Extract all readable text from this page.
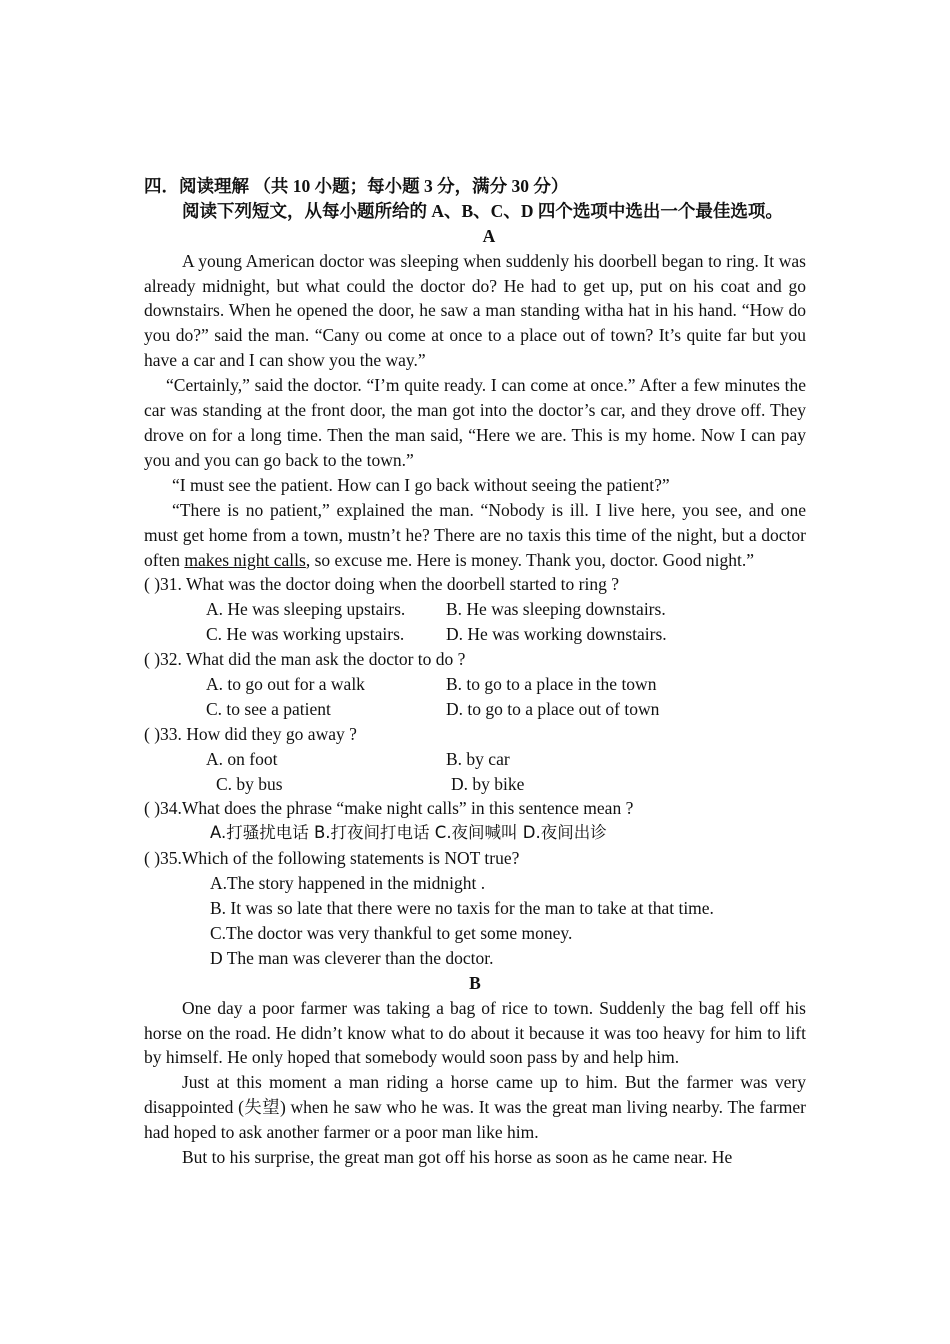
四．阅读理解 （共 10 小题；每小题 3 分，满分 30 分）
阅读下列短文，从每小题所给的 A、B、C、D 四个选项中选出一个最佳选项。
A
A young American doctor was sleeping when suddenly his doorbell began to ring. It was already midnight, but what could the doctor do? He had to get up, put on his coat and go downstairs. When he opened the door, he saw a man standing witha hat in his hand. “How do you do?” said the man. “Cany ou come at once to a place out of town? It’s quite far but you have a car and I can show you the way.”
“Certainly,” said the doctor. “I’m quite ready. I can come at once.” After a few minutes the car was standing at the front door, the man got into the doctor’s car, and they drove off. They drove on for a long time. Then the man said, “Here we are. This is my home. Now I can pay you and you can go back to the town.”
“I must see the patient. How can I go back without seeing the patient?”
“There is no patient,” explained the man. “Nobody is ill. I live here, you see, and one must get home from a town, mustn’t he? There are no taxis this time of the night, but a doctor often makes night calls, so excuse me. Here is money. Thank you, doctor. Good night.”
( )31. What was the doctor doing when the doorbell started to ring ?
A. He was sleeping upstairs. B. He was sleeping downstairs.
C. He was working upstairs. D. He was working downstairs.
( )32. What did the man ask the doctor to do ?
A. to go out for a walk	B. to go to a place in the town
C. to see a patient	D. to go to a place out of town
( )33. How did they go away ?
A. on foot	B. by car
C. by bus	D. by bike
( )34.What does the phrase “make night calls” in this sentence mean ?
A.打骚扰电话 B.打夜间打电话 C.夜间喊叫 D.夜间出诊
( )35.Which of the following statements is NOT true?
A.The story happened in the midnight .
B. It was so late that there were no taxis for the man to take at that time.
C.The doctor was very thankful to get some money.
D The man was cleverer than the doctor.
B
One day a poor farmer was taking a bag of rice to town. Suddenly the bag fell off his horse on the road. He didn’t know what to do about it because it was too heavy for him to lift by himself. He only hoped that somebody would soon pass by and help him.
Just at this moment a man riding a horse came up to him. But the farmer was very disappointed (失望) when he saw who he was. It was the great man living nearby. The farmer had hoped to ask another farmer or a poor man like him.
But to his surprise, the great man got off his horse as soon as he came near. He
